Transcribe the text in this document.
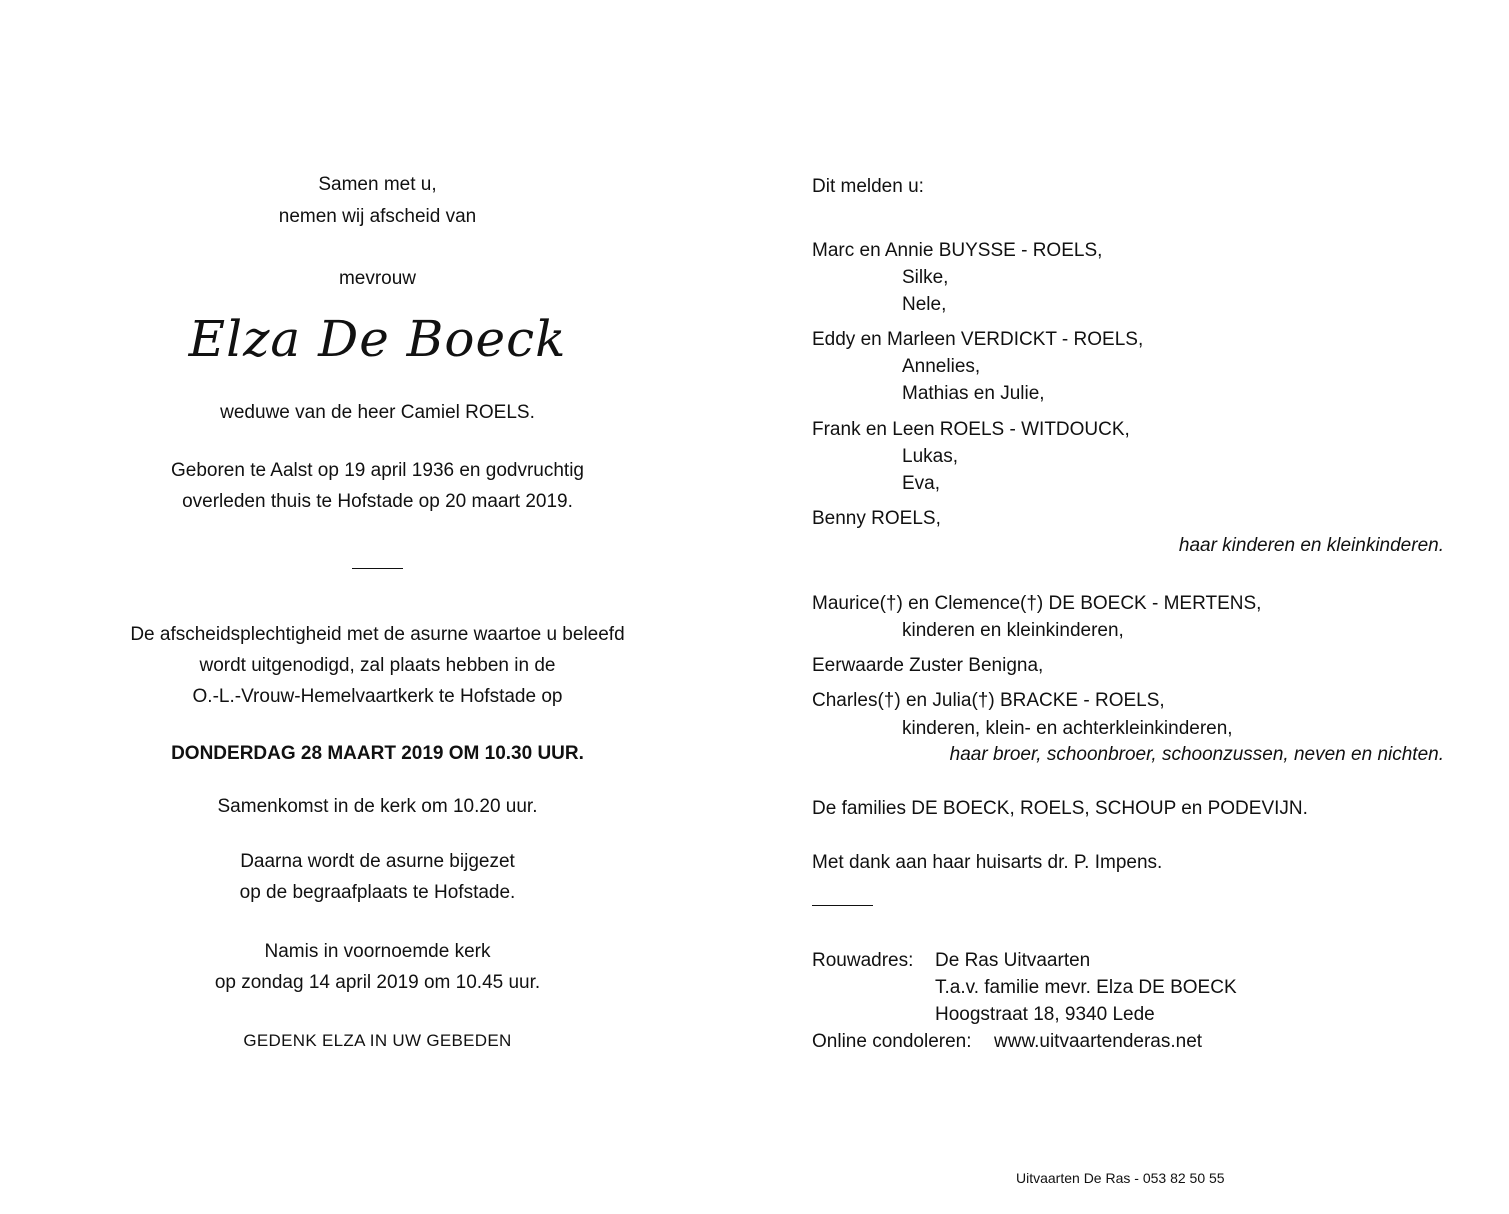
Samen met u,
nemen wij afscheid van
mevrouw
Elza De Boeck
weduwe van de heer Camiel ROELS.
Geboren te Aalst op 19 april 1936 en godvruchtig
overleden thuis te Hofstade op 20 maart 2019.
De afscheidsplechtigheid met de asurne waartoe u beleefd
wordt uitgenodigd, zal plaats hebben in de
O.-L.-Vrouw-Hemelvaartkerk te Hofstade op
DONDERDAG 28 MAART 2019 OM 10.30 UUR.
Samenkomst in de kerk om 10.20 uur.
Daarna wordt de asurne bijgezet
op de begraafplaats te Hofstade.
Namis in voornoemde kerk
op zondag 14 april 2019 om 10.45 uur.
GEDENK ELZA IN UW GEBEDEN
Dit melden u:
Marc en Annie BUYSSE - ROELS,
Silke,
Nele,
Eddy en Marleen VERDICKT - ROELS,
Annelies,
Mathias en Julie,
Frank en Leen ROELS - WITDOUCK,
Lukas,
Eva,
Benny ROELS,
haar kinderen en kleinkinderen.
Maurice(†) en Clemence(†) DE BOECK - MERTENS,
kinderen en kleinkinderen,
Eerwaarde Zuster Benigna,
Charles(†) en Julia(†) BRACKE - ROELS,
kinderen, klein- en achterkleinkinderen,
haar broer, schoonbroer, schoonzussen, neven en nichten.
De families DE BOECK, ROELS, SCHOUP en PODEVIJN.
Met dank aan haar huisarts dr. P. Impens.
Rouwadres: De Ras Uitvaarten
T.a.v. familie mevr. Elza DE BOECK
Hoogstraat 18, 9340 Lede
Online condoleren: www.uitvaartenderas.net
Uitvaarten De Ras - 053 82 50 55
